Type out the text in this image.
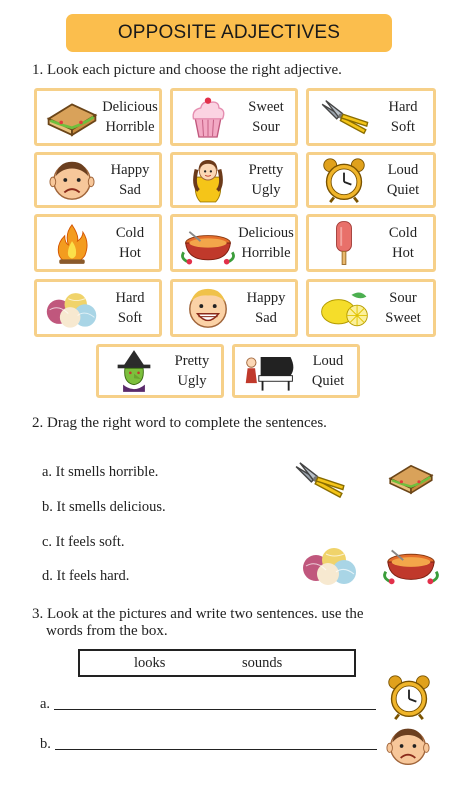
OPPOSITE ADJECTIVES
1. Look each picture and choose the right adjective.
Delicious
Horrible
Sweet
Sour
Hard
Soft
Happy
Sad
Pretty
Ugly
Loud
Quiet
Cold
Hot
Delicious
Horrible
Cold
Hot
Hard
Soft
Happy
Sad
Sour
Sweet
Pretty
Ugly
Loud
Quiet
2. Drag the right word to complete the sentences.
a. It smells horrible.
b. It smells delicious.
c. It feels soft.
d. It feels hard.
3. Look at the pictures and write two sentences. use the
words from the box.
looks	sounds
a.
b.
